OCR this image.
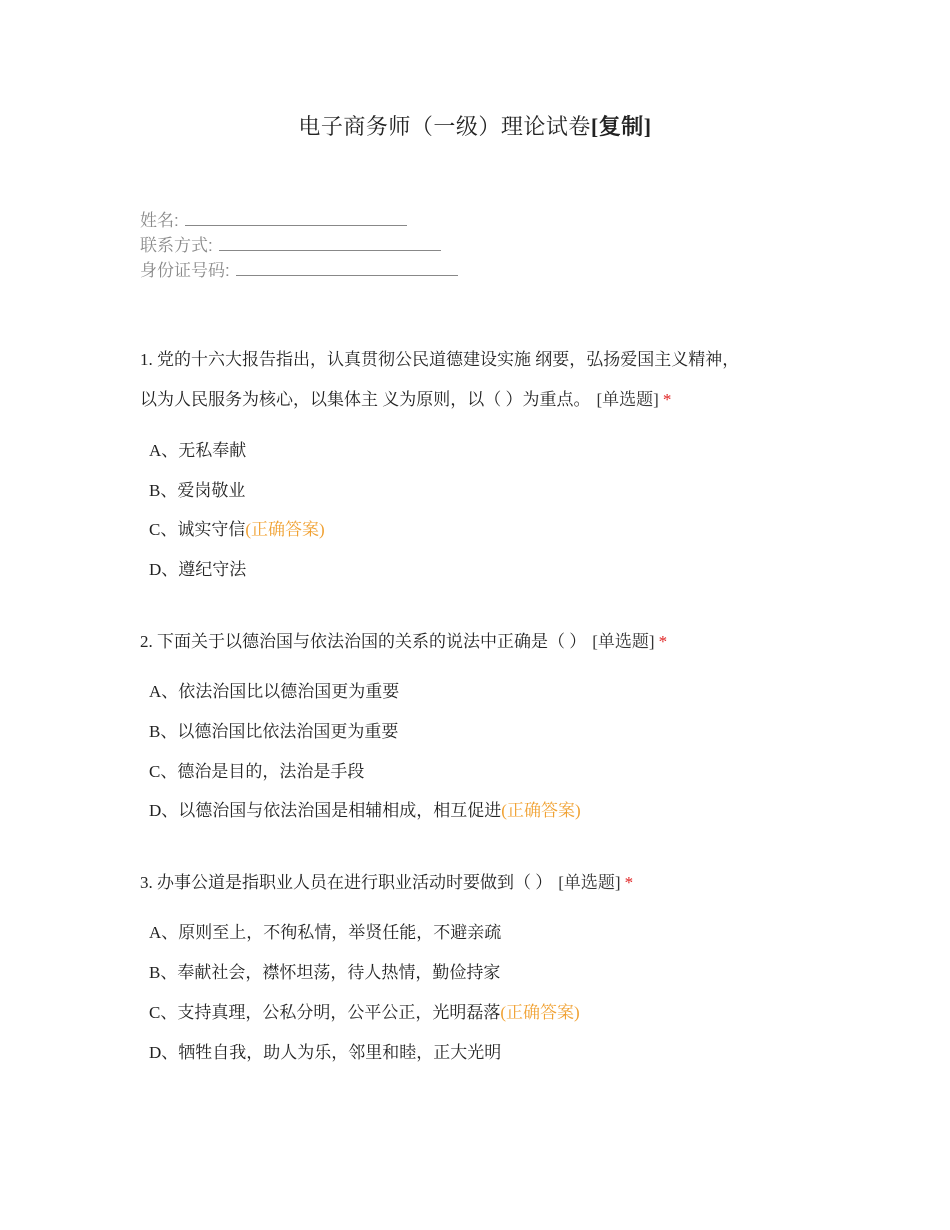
电子商务师（一级）理论试卷[复制]
姓名:
联系方式:
身份证号码:
1. 党的十六大报告指出，认真贯彻公民道德建设实施 纲要，弘扬爱国主义精神，
以为人民服务为核心，以集体主 义为原则，以（ ）为重点。 [单选题] *
A、无私奉献
B、爱岗敬业
C、诚实守信(正确答案)
D、遵纪守法
2. 下面关于以德治国与依法治国的关系的说法中正确是（ ） [单选题] *
A、依法治国比以德治国更为重要
B、以德治国比依法治国更为重要
C、德治是目的，法治是手段
D、以德治国与依法治国是相辅相成，相互促进(正确答案)
3. 办事公道是指职业人员在进行职业活动时要做到（ ） [单选题] *
A、原则至上，不徇私情，举贤任能，不避亲疏
B、奉献社会，襟怀坦荡，待人热情，勤俭持家
C、支持真理，公私分明，公平公正，光明磊落(正确答案)
D、牺牲自我，助人为乐，邻里和睦，正大光明
